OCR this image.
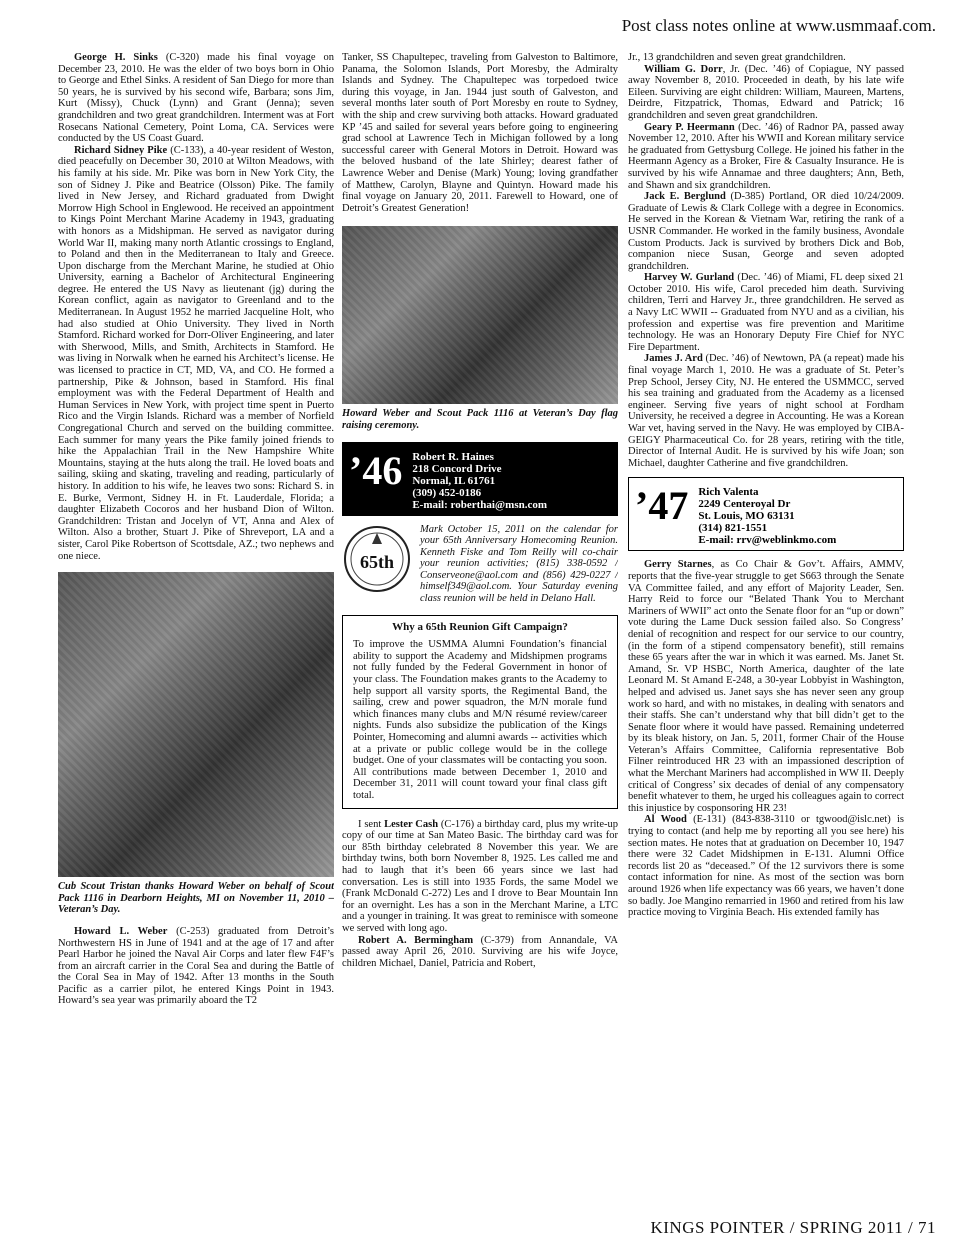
Post class notes online at www.usmmaaf.com.

George H. Sinks (C-320) made his final voyage on December 23, 2010. He was the elder of two boys born in Ohio to George and Ethel Sinks. A resident of San Diego for more than 50 years, he is survived by his second wife, Barbara; sons Jim, Kurt (Missy), Chuck (Lynn) and Grant (Jenna); seven grandchildren and two great grandchildren. Interment was at Fort Rosecans National Cemetery, Point Loma, CA. Services were conducted by the US Coast Guard.

Richard Sidney Pike (C-133), a 40-year resident of Weston, died peacefully on December 30, 2010 at Wilton Meadows, with his family at his side. Mr. Pike was born in New York City, the son of Sidney J. Pike and Beatrice (Olsson) Pike. The family lived in New Jersey, and Richard graduated from Dwight Morrow High School in Englewood. He received an appointment to Kings Point Merchant Marine Academy in 1943, graduating with honors as a Midshipman. He served as navigator during World War II, making many north Atlantic crossings to England, to Poland and then in the Mediterranean to Italy and Greece. Upon discharge from the Merchant Marine, he studied at Ohio University, earning a Bachelor of Architectural Engineering degree. He entered the US Navy as lieutenant (jg) during the Korean conflict, again as navigator to Greenland and to the Mediterranean. In August 1952 he married Jacqueline Holt, who had also studied at Ohio University. They lived in North Stamford. Richard worked for Dorr-Oliver Engineering, and later with Sherwood, Mills, and Smith, Architects in Stamford. He was living in Norwalk when he earned his Architect’s license. He was licensed to practice in CT, MD, VA, and CO. He formed a partnership, Pike & Johnson, based in Stamford. His final employment was with the Federal Department of Health and Human Services in New York, with project time spent in Puerto Rico and the Virgin Islands. Richard was a member of Norfield Congregational Church and served on the building committee. Each summer for many years the Pike family joined friends to hike the Appalachian Trail in the New Hampshire White Mountains, staying at the huts along the trail. He loved boats and sailing, skiing and skating, traveling and reading, particularly of history. In addition to his wife, he leaves two sons: Richard S. in E. Burke, Vermont, Sidney H. in Ft. Lauderdale, Florida; a daughter Elizabeth Cocoros and her husband Dion of Wilton. Grandchildren: Tristan and Jocelyn of VT, Anna and Alex of Wilton. Also a brother, Stuart J. Pike of Shreveport, LA and a sister, Carol Pike Robertson of Scottsdale, AZ.; two nephews and one niece.

Cub Scout Tristan thanks Howard Weber on behalf of Scout Pack 1116 in Dearborn Heights, MI on November 11, 2010 – Veteran’s Day.

Howard L. Weber (C-253) graduated from Detroit’s Northwestern HS in June of 1941 and at the age of 17 and after Pearl Harbor he joined the Naval Air Corps and later flew F4F’s from an aircraft carrier in the Coral Sea and during the Battle of the Coral Sea in May of 1942. After 13 months in the South Pacific as a carrier pilot, he entered Kings Point in 1943. Howard’s sea year was primarily aboard the T2

Tanker, SS Chapultepec, traveling from Galveston to Baltimore, Panama, the Solomon Islands, Port Moresby, the Admiralty Islands and Sydney. The Chapultepec was torpedoed twice during this voyage, in Jan. 1944 just south of Galveston, and several months later south of Port Moresby en route to Sydney, with the ship and crew surviving both attacks. Howard graduated KP ’45 and sailed for several years before going to engineering grad school at Lawrence Tech in Michigan followed by a long successful career with General Motors in Detroit. Howard was the beloved husband of the late Shirley; dearest father of Lawrence Weber and Denise (Mark) Young; loving grandfather of Matthew, Carolyn, Blayne and Quintyn. Howard made his final voyage on January 20, 2011. Farewell to Howard, one of Detroit’s Greatest Generation!

Howard Weber and Scout Pack 1116 at Veteran’s Day flag raising ceremony.
’46 Robert R. Haines
218 Concord Drive
Normal, IL 61761
(309) 452-0186
E-mail: roberthai@msn.com
65th
Mark October 15, 2011 on the calendar for your 65th Anniversary Homecoming Reunion. Kenneth Fiske and Tom Reilly will co-chair your reunion activities; (815) 338-0592 / Conserveone@aol.com and (856) 429-0227 / himself349@aol.com. Your Saturday evening class reunion will be held in Delano Hall.
Why a 65th Reunion Gift Campaign?

To improve the USMMA Alumni Foundation’s financial ability to support the Academy and Midshipmen programs not fully funded by the Federal Government in honor of your class. The Foundation makes grants to the Academy to help support all varsity sports, the Regimental Band, the sailing, crew and power squadron, the M/N morale fund which finances many clubs and M/N résumé review/career nights. Funds also subsidize the publication of the Kings Pointer, Homecoming and alumni awards -- activities which at a private or public college would be in the college budget. One of your classmates will be contacting you soon. All contributions made between December 1, 2010 and December 31, 2011 will count toward your final class gift total.

I sent Lester Cash (C-176) a birthday card, plus my write-up copy of our time at San Mateo Basic. The birthday card was for our 85th birthday celebrated 8 November this year. We are birthday twins, both born November 8, 1925. Les called me and had to laugh that it’s been 66 years since we last had conversation. Les is still into 1935 Fords, the same Model we (Frank McDonald C-272) Les and I drove to Bear Mountain Inn for an overnight. Les has a son in the Merchant Marine, a LTC and a younger in training. It was great to reminisce with someone we served with long ago.

Robert A. Bermingham (C-379) from Annandale, VA passed away April 26, 2010. Surviving are his wife Joyce, children Michael, Daniel, Patricia and Robert,

Jr., 13 grandchildren and seven great grandchildren.

William G. Dorr, Jr. (Dec. ’46) of Copiague, NY passed away November 8, 2010. Proceeded in death, by his late wife Eileen. Surviving are eight children: William, Maureen, Martens, Deirdre, Fitzpatrick, Thomas, Edward and Patrick; 16 grandchildren and seven great grandchildren.

Geary P. Heermann (Dec. ’46) of Radnor PA, passed away November 12, 2010. After his WWII and Korean military service he graduated from Gettysburg College. He joined his father in the Heermann Agency as a Broker, Fire & Casualty Insurance. He is survived by his wife Annamae and three daughters; Ann, Beth, and Shawn and six grandchildren.

Jack E. Berglund (D-385) Portland, OR died 10/24/2009. Graduate of Lewis & Clark College with a degree in Economics. He served in the Korean & Vietnam War, retiring the rank of a USNR Commander. He worked in the family business, Avondale Custom Products. Jack is survived by brothers Dick and Bob, companion niece Susan, George and seven adopted grandchildren.

Harvey W. Gurland (Dec. ’46) of Miami, FL deep sixed 21 October 2010. His wife, Carol preceded him death. Surviving children, Terri and Harvey Jr., three grandchildren. He served as a Navy LtC WWII -- Graduated from NYU and as a civilian, his profession and expertise was fire prevention and Maritime technology. He was an Honorary Deputy Fire Chief for NYC Fire Department.

James J. Ard (Dec. ’46) of Newtown, PA (a repeat) made his final voyage March 1, 2010. He was a graduate of St. Peter’s Prep School, Jersey City, NJ. He entered the USMMCC, served his sea training and graduated from the Academy as a licensed engineer. Serving five years of night school at Fordham University, he received a degree in Accounting. He was a Korean War vet, having served in the Navy. He was employed by CIBA-GEIGY Pharmaceutical Co. for 28 years, retiring with the title, Director of Internal Audit. He is survived by his wife Joan; son Michael, daughter Catherine and five grandchildren.

’47 Rich Valenta
2249 Centeroyal Dr
St. Louis, MO 63131
(314) 821-1551
E-mail: rrv@weblinkmo.com

Gerry Starnes, as Co Chair & Gov’t. Affairs, AMMV, reports that the five-year struggle to get S663 through the Senate VA Committee failed, and any effort of Majority Leader, Sen. Harry Reid to force our “Belated Thank You to Merchant Mariners of WWII” act onto the Senate floor for an “up or down” vote during the Lame Duck session failed also. So Congress’ denial of recognition and respect for our service to our country, (in the form of a stipend compensatory benefit), still remains these 65 years after the war in which it was earned. Ms. Janet St. Amand, Sr. VP HSBC, North America, daughter of the late Leonard M. St Amand E-248, a 30-year Lobbyist in Washington, helped and advised us. Janet says she has never seen any group work so hard, and with no mistakes, in dealing with senators and their staffs. She can’t understand why that bill didn’t get to the Senate floor where it would have passed. Remaining undeterred by its bleak history, on Jan. 5, 2011, former Chair of the House Veteran’s Affairs Committee, California representative Bob Filner reintroduced HR 23 with an impassioned description of what the Merchant Mariners had accomplished in WW II. Deeply critical of Congress’ six decades of denial of any compensatory benefit whatever to them, he urged his colleagues again to correct this injustice by cosponsoring HR 23!

Al Wood (E-131) (843-838-3110 or tgwood@islc.net) is trying to contact (and help me by reporting all you see here) his section mates. He notes that at graduation on December 10, 1947 there were 32 Cadet Midshipmen in E-131. Alumni Office records list 20 as “deceased.” Of the 12 survivors there is some contact information for nine. As most of the section was born around 1926 when life expectancy was 66 years, we haven’t done so badly. Joe Mangino remarried in 1960 and retired from his law practice moving to Virginia Beach. His extended family has

KINGS POINTER / SPRING 2011 / 71
